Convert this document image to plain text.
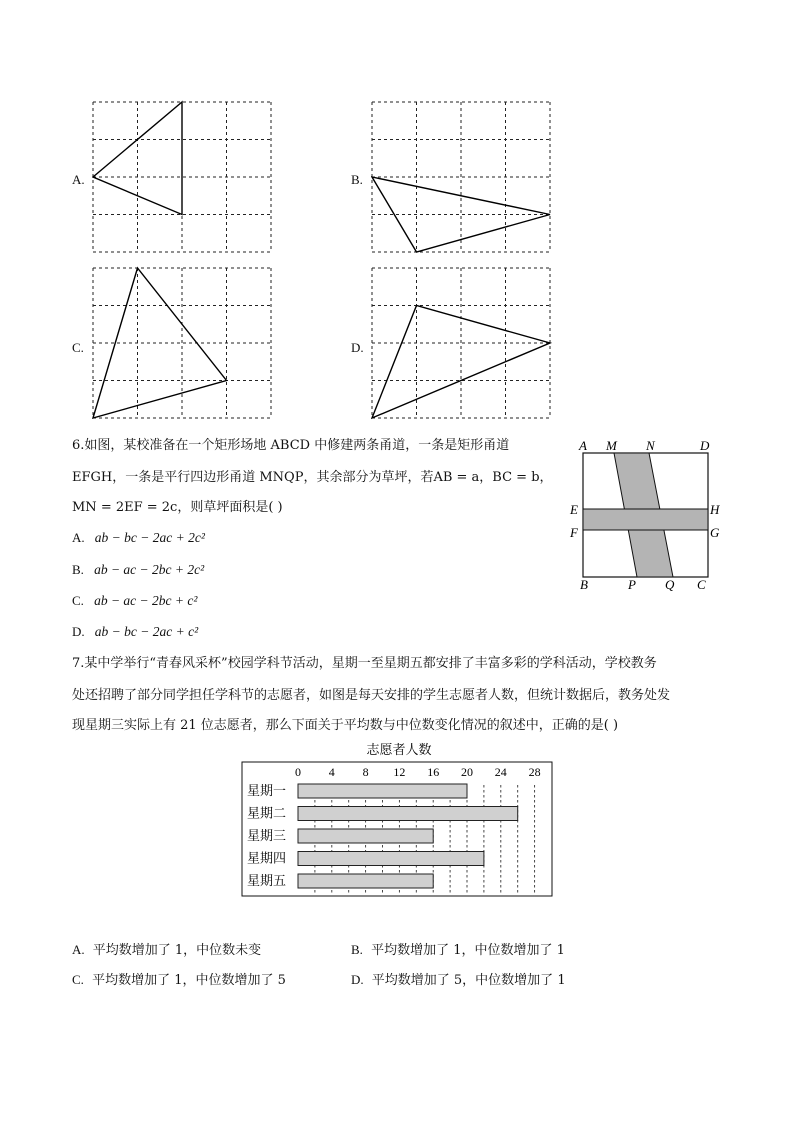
A.	B.
C.	D.
6.如图，某校准备在一个矩形场地 ABCD 中修建两条甬道，一条是矩形甬道
EFGH，一条是平行四边形甬道 MNQP，其余部分为草坪，若AB = a，BC = b，
MN = 2EF = 2c，则草坪面积是( )
A. ab − bc − 2ac + 2c²
B. ab − ac − 2bc + 2c²
C. ab − ac − 2bc + c²
D. ab − bc − 2ac + c²
A M N	D
E
F
H
G
B	P Q C
7.某中学举行“青春风采杯”校园学科节活动，星期一至星期五都安排了丰富多彩的学科活动，学校教务
处还招聘了部分同学担任学科节的志愿者，如图是每天安排的学生志愿者人数，但统计数据后，教务处发
现星期三实际上有 21 位志愿者，那么下面关于平均数与中位数变化情况的叙述中，正确的是( )
志愿者人数
0 4 8 12 16 20 24 28
星期一
星期二
星期三
星期四
星期五
A. 平均数增加了 1，中位数未变	B. 平均数增加了 1，中位数增加了 1
C. 平均数增加了 1，中位数增加了 5	D. 平均数增加了 5，中位数增加了 1
